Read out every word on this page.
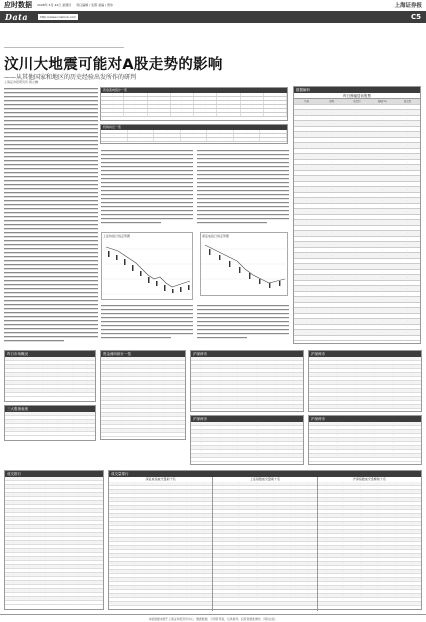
应时数据 2008年 5月 22日 星期四 责任编辑 / 张霞 美编 / 曾伟	上海证券报
Data	http://www.cnstock.com	C5
汶川大地震可能对A股走势的影响
——从其他国家和地区的历史经验出发所作的研判
上海证券报研究所 蒋立麟
资金流向统计一览
·	·	·	·	·	·	·	·
·	·	·	·	·	·	·	·
·	·	·	·	·	·	·	·
·	·	·	·	·	·	·	·
·	·	·	·	·	·	·	·
·	·	·	·	·	·	·	·
机构持仓一览
·	·	·	·	·	·	·
·	·	·	·	·	·	·
·	·	·	·	·	·	·
上证综指日线走势图	深证成指日线走势图
数据解析
昨日涨幅居前股票
代码	简称	收盘价	涨幅(%)	成交量
·	·	·	·	·
·	·	·	·	·
·	·	·	·	·
·	·	·	·	·
·	·	·	·	·
·	·	·	·	·
·	·	·	·	·
·	·	·	·	·
·	·	·	·	·
·	·	·	·	·
·	·	·	·	·
·	·	·	·	·
·	·	·	·	·
·	·	·	·	·
·	·	·	·	·
·	·	·	·	·
·	·	·	·	·
·	·	·	·	·
·	·	·	·	·
·	·	·	·	·
·	·	·	·	·
·	·	·	·	·
·	·	·	·	·
·	·	·	·	·
·	·	·	·	·
·	·	·	·	·
·	·	·	·	·
·	·	·	·	·
·	·	·	·	·
·	·	·	·	·
·	·	·	·	·
·	·	·	·	·
·	·	·	·	·
·	·	·	·	·
·	·	·	·	·
·	·	·	·	·
·	·	·	·	·
·	·	·	·	·
·	·	·	·	·
·	·	·	·	·
·	·	·	·	·
·	·	·	·	·
·	·	·	·	·
昨日市场概况
·	·	·	·	·	·
·	·	·	·	·	·
·	·	·	·	·	·
·	·	·	·	·	·
·	·	·	·	·	·
·	·	·	·	·	·
·	·	·	·	·	·
·	·	·	·	·	·
·	·	·	·	·	·
·	·	·	·	·	·
三大股指表现
·	·	·	·	·	·
·	·	·	·	·	·
·	·	·	·	·	·
·	·	·	·	·	·
·	·	·	·	·	·
·	·	·	·	·	·
资金流向统计一览
·	·	·	·	·	·
·	·	·	·	·	·
·	·	·	·	·	·
·	·	·	·	·	·
·	·	·	·	·	·
·	·	·	·	·	·
·	·	·	·	·	·
·	·	·	·	·	·
·	·	·	·	·	·
·	·	·	·	·	·
·	·	·	·	·	·
·	·	·	·	·	·
·	·	·	·	·	·
·	·	·	·	·	·
·	·	·	·	·	·
·	·	·	·	·	·
·	·	·	·	·	·
·	·	·	·	·	·
·	·	·	·	·	·
·	·	·	·	·	·
沪深两市
·	·	·	·	·	·
·	·	·	·	·	·
·	·	·	·	·	·
·	·	·	·	·	·
·	·	·	·	·	·
·	·	·	·	·	·
·	·	·	·	·	·
·	·	·	·	·	·
·	·	·	·	·	·
·	·	·	·	·	·
·	·	·	·	·	·
·	·	·	·	·	·
·	·	·	·	·	·
沪深两市
·	·	·	·	·	·
·	·	·	·	·	·
·	·	·	·	·	·
·	·	·	·	·	·
·	·	·	·	·	·
·	·	·	·	·	·
·	·	·	·	·	·
·	·	·	·	·	·
·	·	·	·	·	·
·	·	·	·	·	·
·	·	·	·	·	·
·	·	·	·	·	·
·	·	·	·	·	·
沪深两市
·	·	·	·	·	·
·	·	·	·	·	·
·	·	·	·	·	·
·	·	·	·	·	·
·	·	·	·	·	·
·	·	·	·	·	·
·	·	·	·	·	·
·	·	·	·	·	·
·	·	·	·	·	·
·	·	·	·	·	·
沪深两市
·	·	·	·	·	·
·	·	·	·	·	·
·	·	·	·	·	·
·	·	·	·	·	·
·	·	·	·	·	·
·	·	·	·	·	·
·	·	·	·	·	·
·	·	·	·	·	·
·	·	·	·	·	·
·	·	·	·	·	·
成交排行
·	·	·	·	·	·
·	·	·	·	·	·
·	·	·	·	·	·
·	·	·	·	·	·
·	·	·	·	·	·
·	·	·	·	·	·
·	·	·	·	·	·
·	·	·	·	·	·
·	·	·	·	·	·
·	·	·	·	·	·
·	·	·	·	·	·
·	·	·	·	·	·
·	·	·	·	·	·
·	·	·	·	·	·
·	·	·	·	·	·
·	·	·	·	·	·
·	·	·	·	·	·
·	·	·	·	·	·
·	·	·	·	·	·
·	·	·	·	·	·
·	·	·	·	·	·
·	·	·	·	·	·
·	·	·	·	·	·
·	·	·	·	·	·
·	·	·	·	·	·
·	·	·	·	·	·
·	·	·	·	·	·
·	·	·	·	·	·
·	·	·	·	·	·
·	·	·	·	·	·
·	·	·	·	·	·
·	·	·	·	·	·
成交量排行
深证成指成交量前十名
·	·	·	·	·	·
·	·	·	·	·	·
·	·	·	·	·	·
·	·	·	·	·	·
·	·	·	·	·	·
·	·	·	·	·	·
·	·	·	·	·	·
·	·	·	·	·	·
·	·	·	·	·	·
·	·	·	·	·	·
·	·	·	·	·	·
·	·	·	·	·	·
·	·	·	·	·	·
·	·	·	·	·	·
·	·	·	·	·	·
·	·	·	·	·	·
·	·	·	·	·	·
·	·	·	·	·	·
·	·	·	·	·	·
·	·	·	·	·	·
·	·	·	·	·	·
·	·	·	·	·	·
·	·	·	·	·	·
·	·	·	·	·	·
·	·	·	·	·	·
·	·	·	·	·	·
·	·	·	·	·	·
·	·	·	·	·	·
·	·	·	·	·	·
·	·	·	·	·	·
·	·	·	·	·	·
上证指数成交量前十名
·	·	·	·	·	·
·	·	·	·	·	·
·	·	·	·	·	·
·	·	·	·	·	·
·	·	·	·	·	·
·	·	·	·	·	·
·	·	·	·	·	·
·	·	·	·	·	·
·	·	·	·	·	·
·	·	·	·	·	·
·	·	·	·	·	·
·	·	·	·	·	·
·	·	·	·	·	·
·	·	·	·	·	·
·	·	·	·	·	·
·	·	·	·	·	·
·	·	·	·	·	·
·	·	·	·	·	·
·	·	·	·	·	·
·	·	·	·	·	·
·	·	·	·	·	·
·	·	·	·	·	·
·	·	·	·	·	·
·	·	·	·	·	·
·	·	·	·	·	·
·	·	·	·	·	·
·	·	·	·	·	·
·	·	·	·	·	·
·	·	·	·	·	·
·	·	·	·	·	·
·	·	·	·	·	·
沪深指数成交金额前十名
·	·	·	·	·	·
·	·	·	·	·	·
·	·	·	·	·	·
·	·	·	·	·	·
·	·	·	·	·	·
·	·	·	·	·	·
·	·	·	·	·	·
·	·	·	·	·	·
·	·	·	·	·	·
·	·	·	·	·	·
·	·	·	·	·	·
·	·	·	·	·	·
·	·	·	·	·	·
·	·	·	·	·	·
·	·	·	·	·	·
·	·	·	·	·	·
·	·	·	·	·	·
·	·	·	·	·	·
·	·	·	·	·	·
·	·	·	·	·	·
·	·	·	·	·	·
·	·	·	·	·	·
·	·	·	·	·	·
·	·	·	·	·	·
·	·	·	·	·	·
·	·	·	·	·	·
·	·	·	·	·	·
·	·	·	·	·	·
·	·	·	·	·	·
·	·	·	·	·	·
·	·	·	·	·	·
本版数据来源于上海证券报资讯中心、聚源数据、万得资讯等，仅供参考。投资者据此操作，风险自担。
